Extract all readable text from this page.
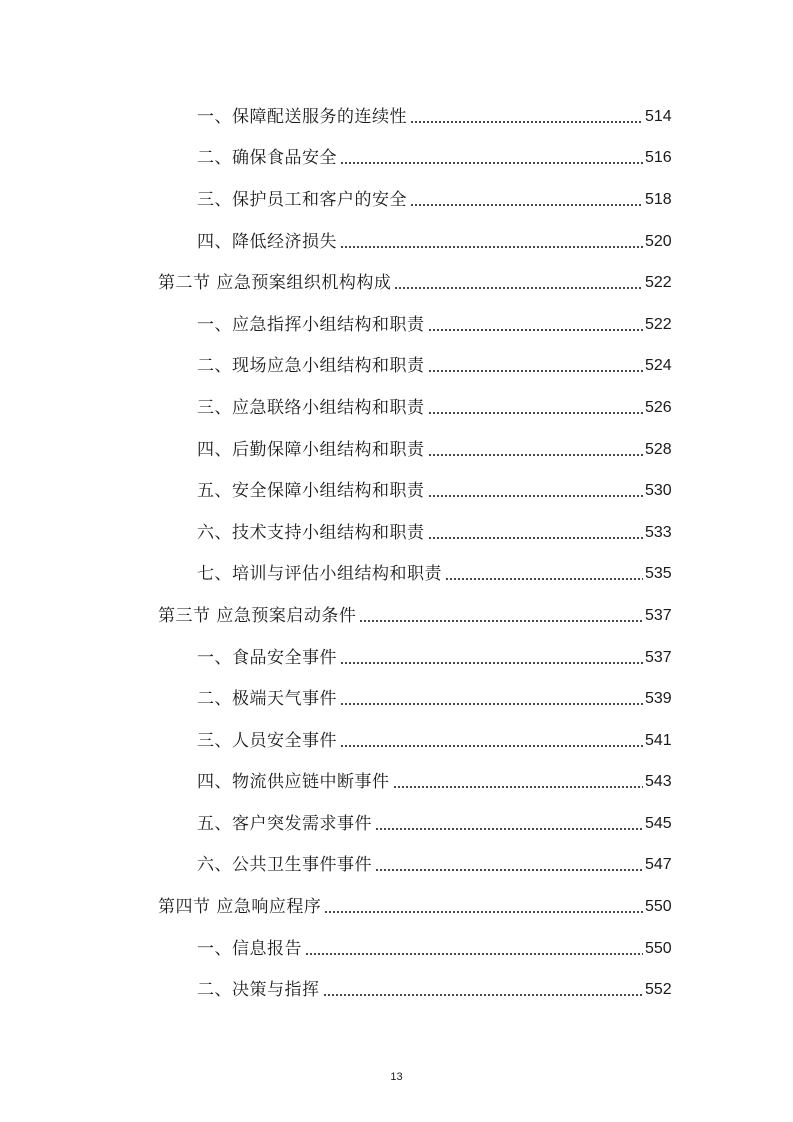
一、保障配送服务的连续性	514
二、确保食品安全	516
三、保护员工和客户的安全	518
四、降低经济损失	520
第二节 应急预案组织机构构成	522
一、应急指挥小组结构和职责	522
二、现场应急小组结构和职责	524
三、应急联络小组结构和职责	526
四、后勤保障小组结构和职责	528
五、安全保障小组结构和职责	530
六、技术支持小组结构和职责	533
七、培训与评估小组结构和职责	535
第三节 应急预案启动条件	537
一、食品安全事件	537
二、极端天气事件	539
三、人员安全事件	541
四、物流供应链中断事件	543
五、客户突发需求事件	545
六、公共卫生事件事件	547
第四节 应急响应程序	550
一、信息报告	550
二、决策与指挥	552
13
